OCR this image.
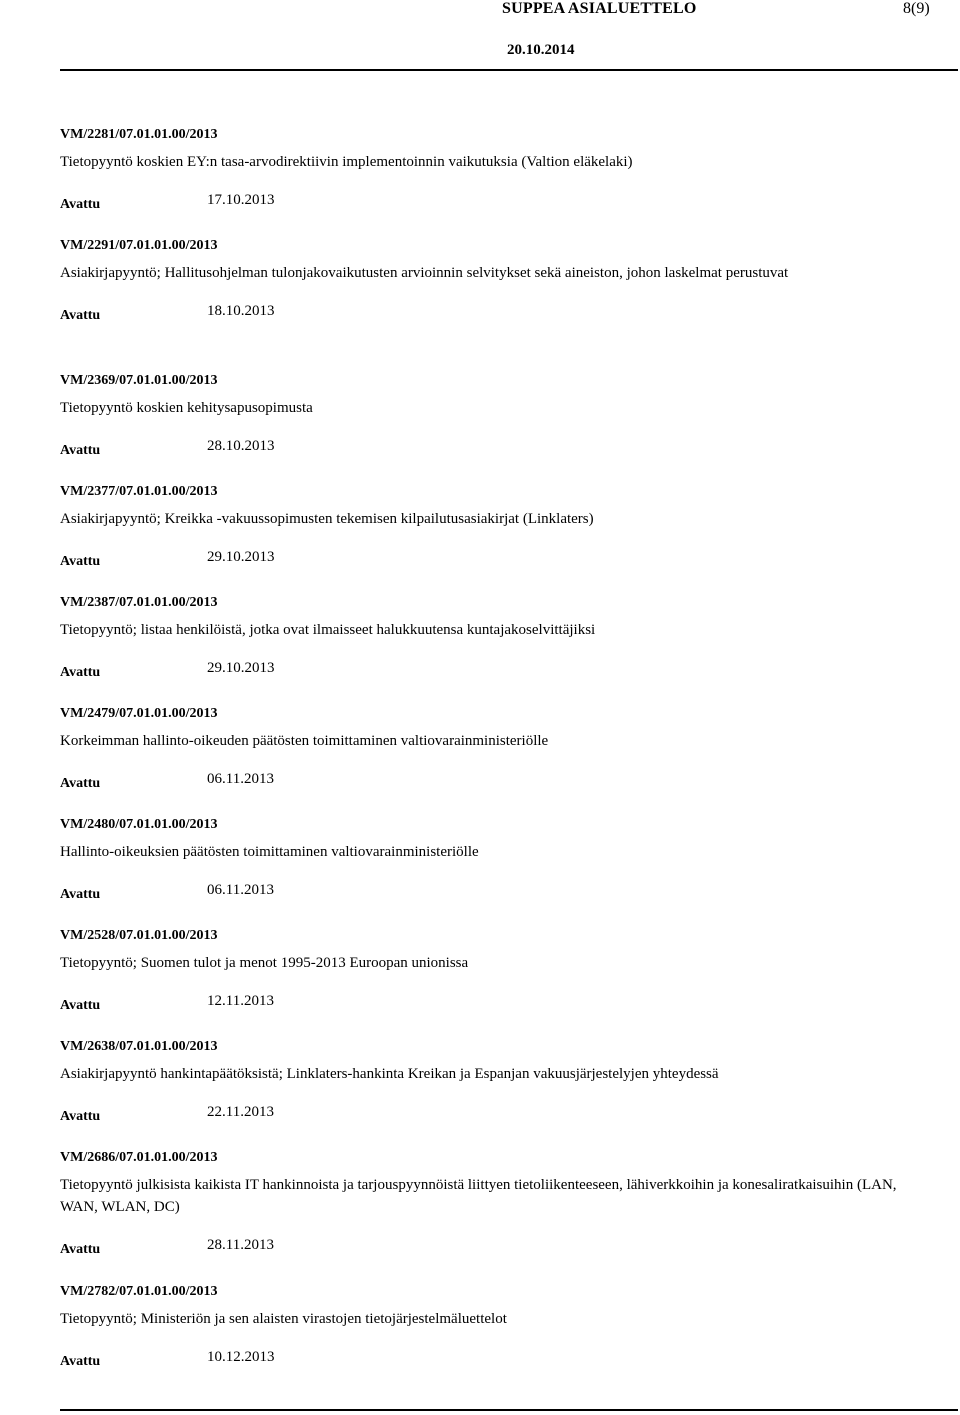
SUPPEA ASIALUETTELO	8(9)
20.10.2014
VM/2281/07.01.01.00/2013
Tietopyyntö koskien EY:n tasa-arvodirektiivin implementoinnin vaikutuksia (Valtion eläkelaki)
Avattu	17.10.2013
VM/2291/07.01.01.00/2013
Asiakirjapyyntö; Hallitusohjelman tulonjakovaikutusten arvioinnin selvitykset sekä aineiston, johon laskelmat perustuvat
Avattu	18.10.2013
VM/2369/07.01.01.00/2013
Tietopyyntö koskien kehitysapusopimusta
Avattu	28.10.2013
VM/2377/07.01.01.00/2013
Asiakirjapyyntö; Kreikka -vakuussopimusten tekemisen kilpailutusasiakirjat (Linklaters)
Avattu	29.10.2013
VM/2387/07.01.01.00/2013
Tietopyyntö; listaa henkilöistä, jotka ovat ilmaisseet halukkuutensa kuntajakoselvittäjiksi
Avattu	29.10.2013
VM/2479/07.01.01.00/2013
Korkeimman hallinto-oikeuden päätösten toimittaminen valtiovarainministeriölle
Avattu	06.11.2013
VM/2480/07.01.01.00/2013
Hallinto-oikeuksien päätösten toimittaminen valtiovarainministeriölle
Avattu	06.11.2013
VM/2528/07.01.01.00/2013
Tietopyyntö; Suomen tulot ja menot 1995-2013 Euroopan unionissa
Avattu	12.11.2013
VM/2638/07.01.01.00/2013
Asiakirjapyyntö hankintapäätöksistä; Linklaters-hankinta Kreikan ja Espanjan vakuusjärjestelyjen yhteydessä
Avattu	22.11.2013
VM/2686/07.01.01.00/2013
Tietopyyntö julkisista kaikista IT hankinnoista ja tarjouspyynnöistä liittyen tietoliikenteeseen, lähiverkkoihin ja konesaliratkaisuihin (LAN, WAN, WLAN, DC)
Avattu	28.11.2013
VM/2782/07.01.01.00/2013
Tietopyyntö; Ministeriön ja sen alaisten virastojen tietojärjestelmäluettelot
Avattu	10.12.2013
